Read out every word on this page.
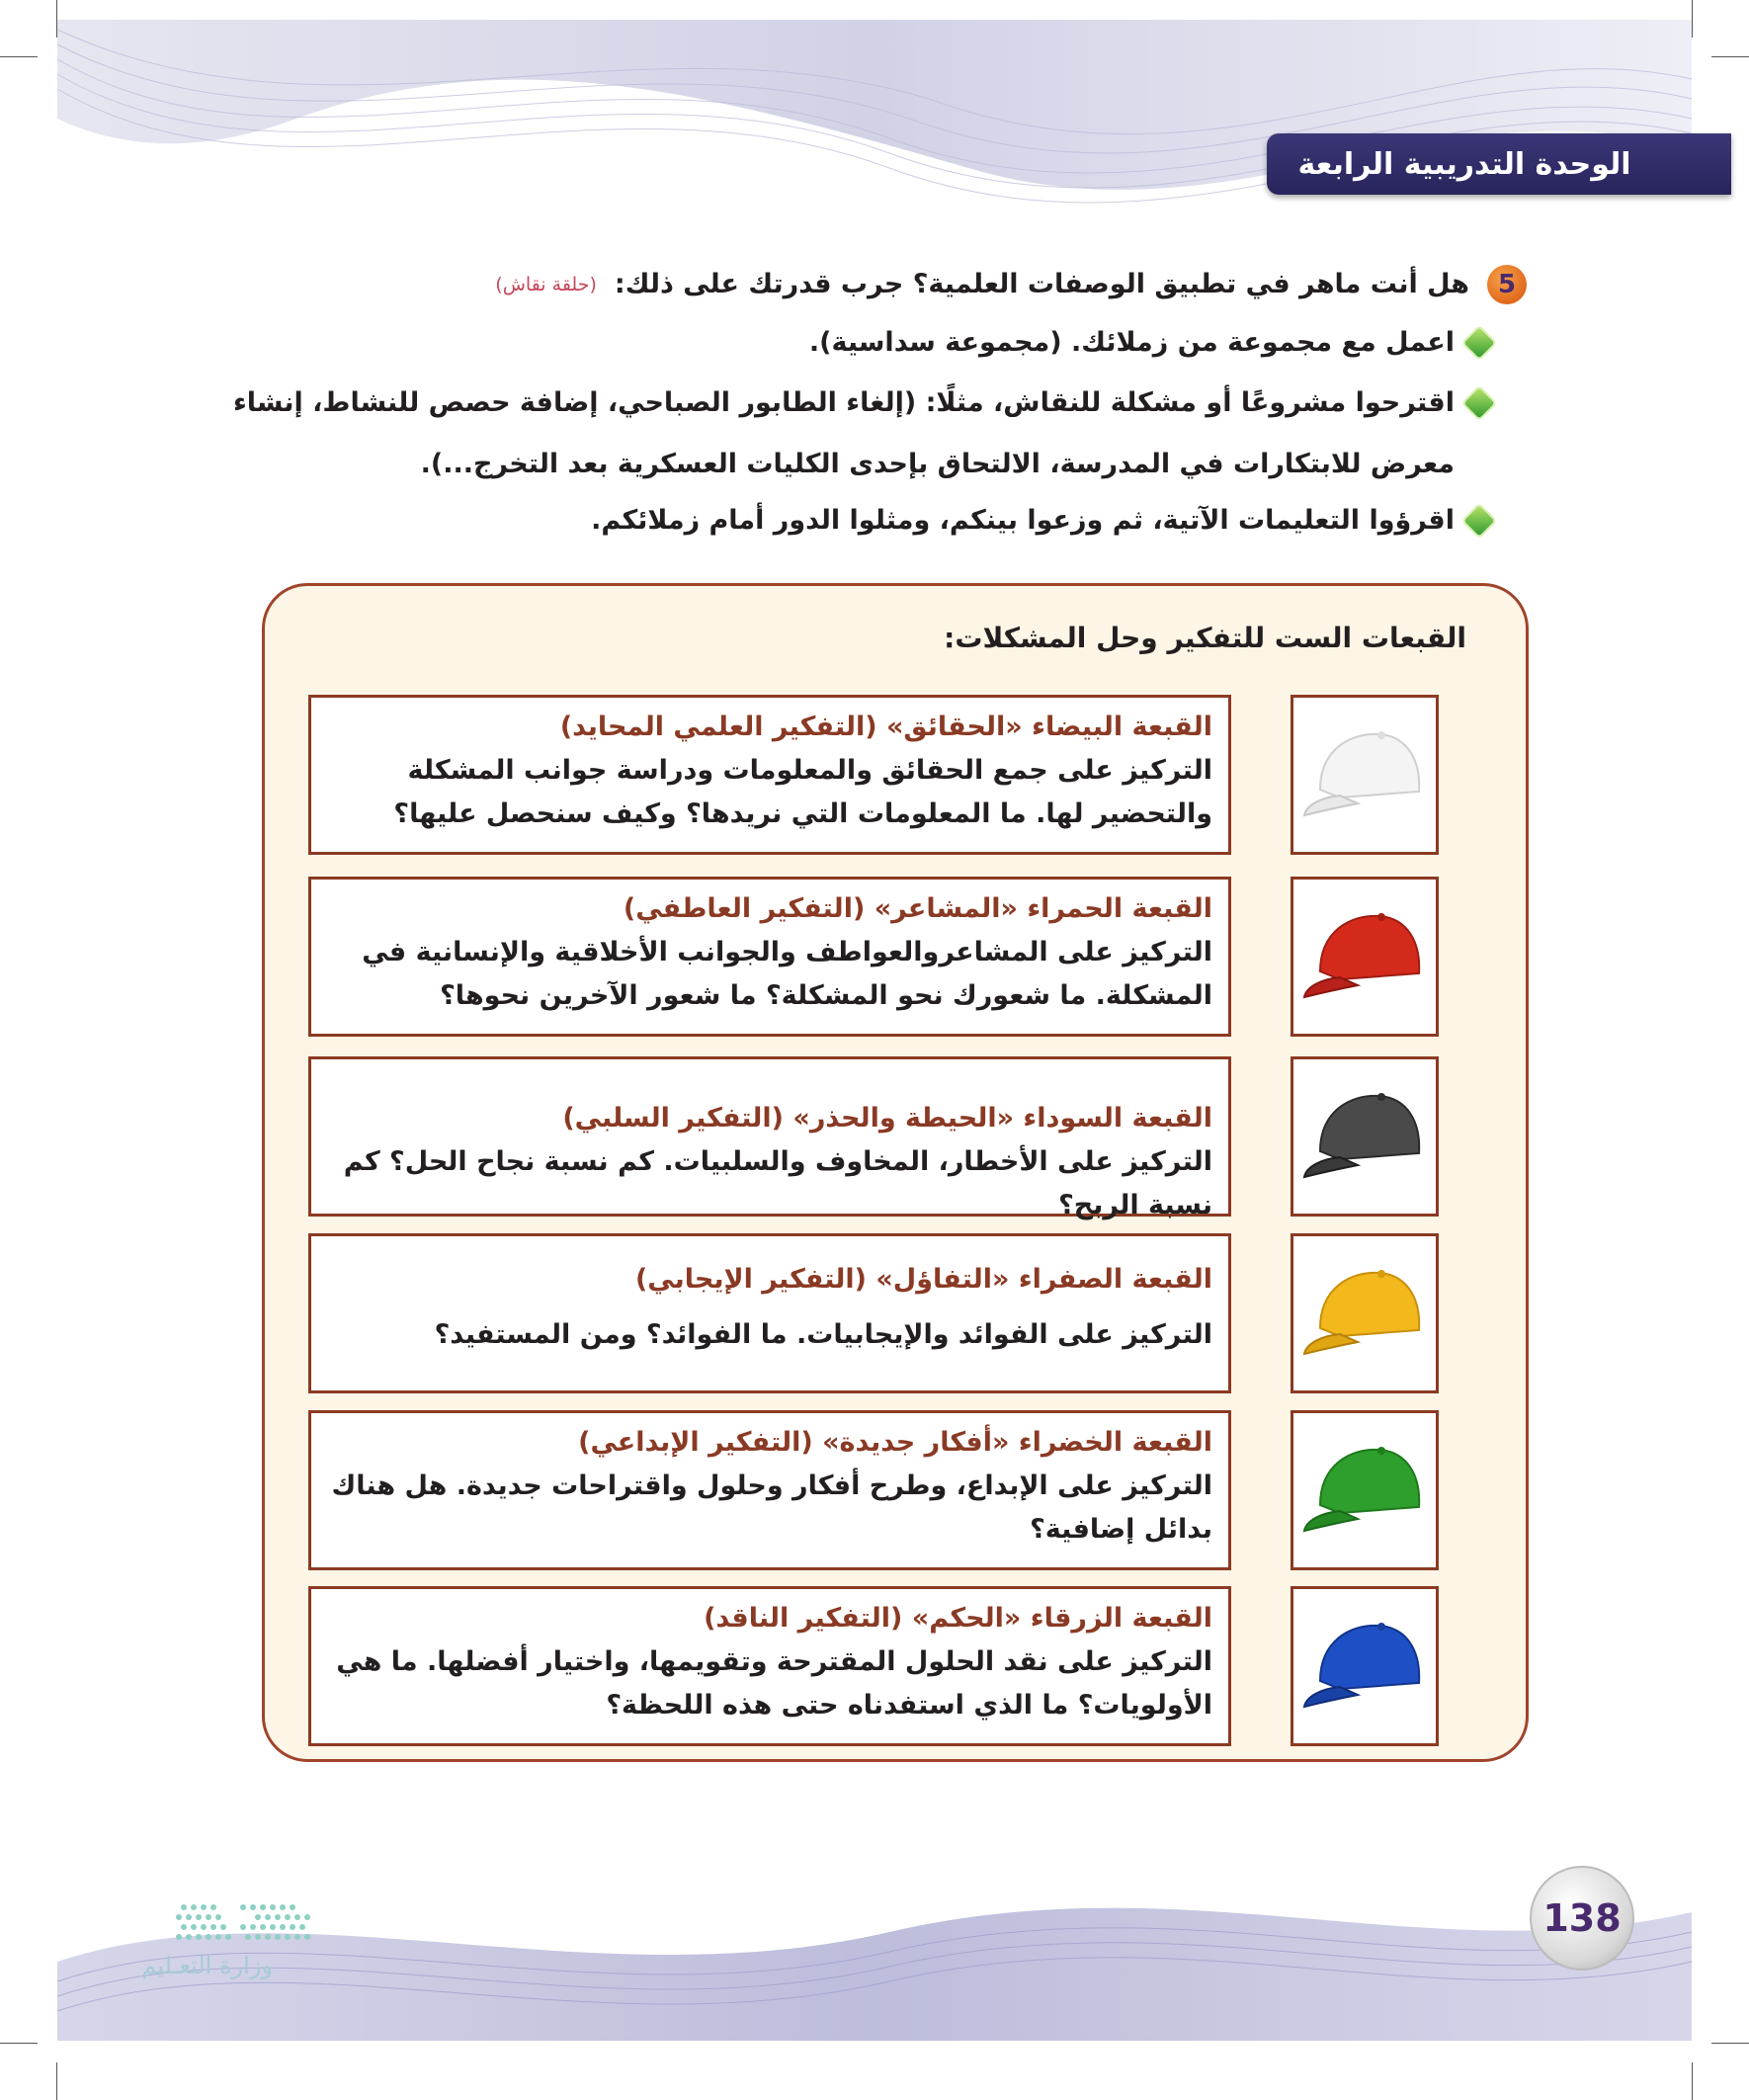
الوحدة التدريبية الرابعة
5
هل أنت ماهر في تطبيق الوصفات العلمية؟ جرب قدرتك على ذلك:
(حلقة نقاش)
اعمل مع مجموعة من زملائك. (مجموعة سداسية).
اقترحوا مشروعًا أو مشكلة للنقاش، مثلًا: (إلغاء الطابور الصباحي، إضافة حصص للنشاط، إنشاء
معرض للابتكارات في المدرسة، الالتحاق بإحدى الكليات العسكرية بعد التخرج...).
اقرؤوا التعليمات الآتية، ثم وزعوا بينكم، ومثلوا الدور أمام زملائكم.
القبعات الست للتفكير وحل المشكلات:
القبعة البيضاء «الحقائق» (التفكير العلمي المحايد)
التركيز على جمع الحقائق والمعلومات ودراسة جوانب المشكلة والتحضير لها. ما المعلومات التي نريدها؟ وكيف سنحصل عليها؟
القبعة الحمراء «المشاعر» (التفكير العاطفي)
التركيز على المشاعروالعواطف والجوانب الأخلاقية والإنسانية في المشكلة. ما شعورك نحو المشكلة؟ ما شعور الآخرين نحوها؟
القبعة السوداء «الحيطة والحذر» (التفكير السلبي)
التركيز على الأخطار، المخاوف والسلبيات. كم نسبة نجاح الحل؟ كم نسبة الربح؟
القبعة الصفراء «التفاؤل» (التفكير الإيجابي)
التركيز على الفوائد والإيجابيات. ما الفوائد؟ ومن المستفيد؟
القبعة الخضراء «أفكار جديدة» (التفكير الإبداعي)
التركيز على الإبداع، وطرح أفكار وحلول واقتراحات جديدة. هل هناك بدائل إضافية؟
القبعة الزرقاء «الحكم» (التفكير الناقد)
التركيز على نقد الحلول المقترحة وتقويمها، واختيار أفضلها. ما هي الأولويات؟ ما الذي استفدناه حتى هذه اللحظة؟
وزارة التعـليم
138
